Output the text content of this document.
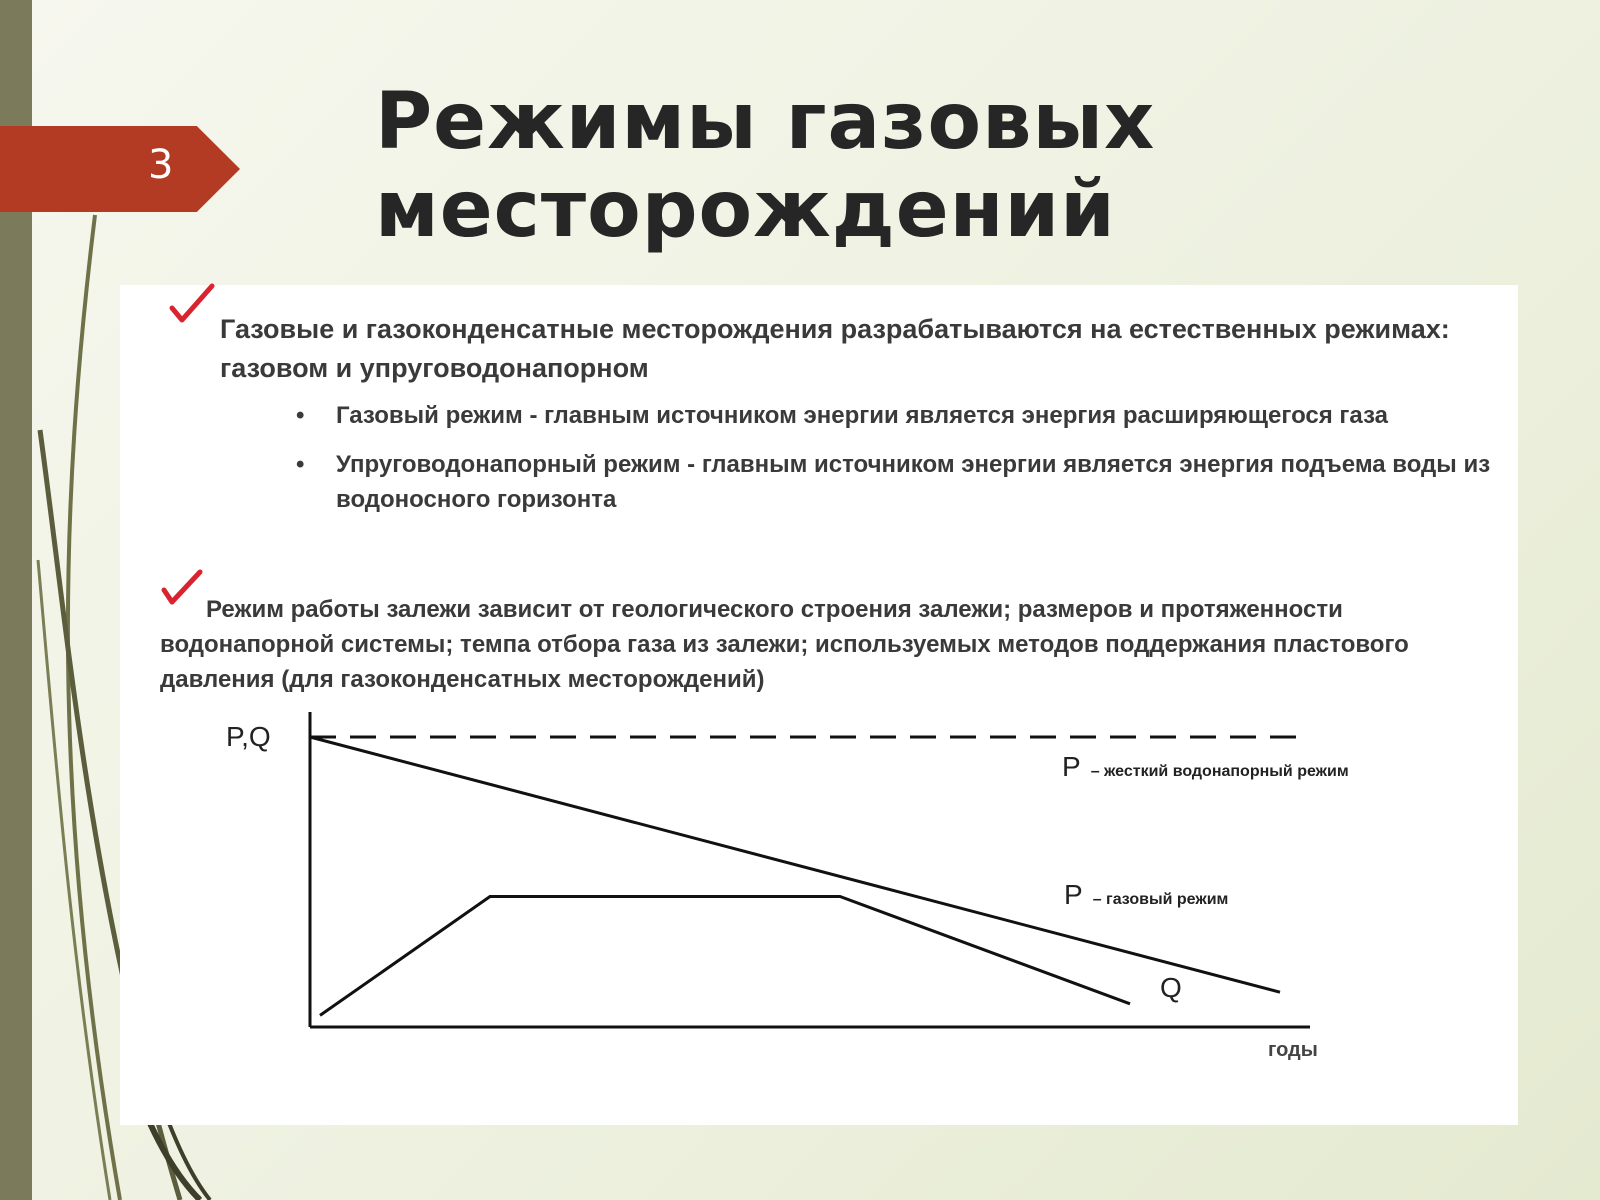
3	Режимы газовых
месторождений
Газовые и газоконденсатные месторождения разрабатываются на естественных режимах: газовом и упруговодонапорном
• Газовый режим - главным источником энергии является энергия расширяющегося газа
• Упруговодонапорный режим - главным источником энергии является энергия подъема воды из водоносного горизонта
Режим работы залежи зависит от геологического строения залежи; размеров и протяженности водонапорной системы; темпа отбора газа из залежи; используемых методов поддержания пластового давления (для газоконденсатных месторождений)
P,Q
годы
P – жесткий водонапорный режим
P – газовый режим
Q
